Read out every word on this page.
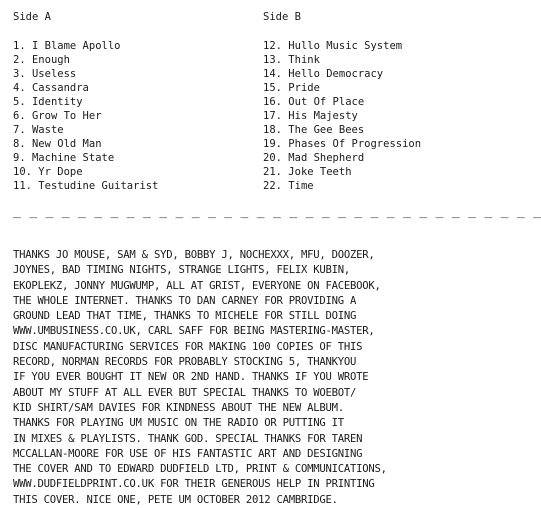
Side A
1. I Blame Apollo
2. Enough
3. Useless
4. Cassandra
5. Identity
6. Grow To Her
7. Waste
8. New Old Man
9. Machine State
10. Yr Dope
11. Testudine Guitarist
Side B
12. Hullo Music System
13. Think
14. Hello Democracy
15. Pride
16. Out Of Place
17. His Majesty
18. The Gee Bees
19. Phases Of Progression
20. Mad Shepherd
21. Joke Teeth
22. Time
_ _ _ _ _ _ _ _ _ _ _ _ _ _ _ _ _ _ _ _ _ _ _ _ _ _ _ _ _ _ _ _ _
THANKS JO MOUSE, SAM & SYD, BOBBY J, NOCHEXXX, MFU, DOOZER,
JOYNES, BAD TIMING NIGHTS, STRANGE LIGHTS, FELIX KUBIN,
EKOPLEKZ, JONNY MUGWUMP, ALL AT GRIST, EVERYONE ON FACEBOOK,
THE WHOLE INTERNET. THANKS TO DAN CARNEY FOR PROVIDING A
GROUND LEAD THAT TIME, THANKS TO MICHELE FOR STILL DOING
WWW.UMBUSINESS.CO.UK, CARL SAFF FOR BEING MASTERING-MASTER,
DISC MANUFACTURING SERVICES FOR MAKING 100 COPIES OF THIS
RECORD, NORMAN RECORDS FOR PROBABLY STOCKING 5, THANKYOU
IF YOU EVER BOUGHT IT NEW OR 2ND HAND. THANKS IF YOU WROTE
ABOUT MY STUFF AT ALL EVER BUT SPECIAL THANKS TO WOEBOT/
KID SHIRT/SAM DAVIES FOR KINDNESS ABOUT THE NEW ALBUM.
THANKS FOR PLAYING UM MUSIC ON THE RADIO OR PUTTING IT
IN MIXES & PLAYLISTS. THANK GOD. SPECIAL THANKS FOR TAREN
MCCALLAN-MOORE FOR USE OF HIS FANTASTIC ART AND DESIGNING
THE COVER AND TO EDWARD DUDFIELD LTD, PRINT & COMMUNICATIONS,
WWW.DUDFIELDPRINT.CO.UK FOR THEIR GENEROUS HELP IN PRINTING
THIS COVER. NICE ONE, PETE UM OCTOBER 2012 CAMBRIDGE.
